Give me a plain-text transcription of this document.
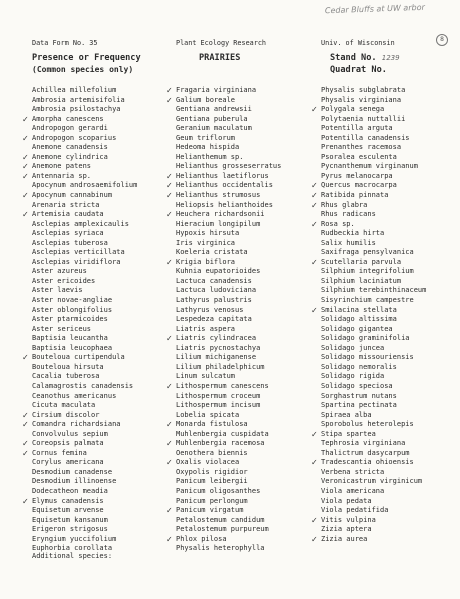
Cedar Bluffs at UW arbor
8
Data Form No. 35	Plant Ecology Research	Univ. of Wisconsin
Presence or Frequency
(Common species only)
PRAIRIES	Stand No. 1239
Quadrat No.
Achillea millefolium
Ambrosia artemisifolia
Ambrosia psilostachya
✓ Amorpha canescens
Andropogon gerardi
✓ Andropogon scoparius
Anemone canadensis
✓ Anemone cylindrica
✓ Anemone patens
✓ Antennaria sp.
Apocynum androsaemifolium
✓ Apocynum cannabinum
Arenaria stricta
✓ Artemisia caudata
Asclepias amplexicaulis
Asclepias syriaca
Asclepias tuberosa
Asclepias verticillata
Asclepias viridiflora
Aster azureus
Aster ericoides
Aster laevis
Aster novae-angliae
Aster oblongifolius
Aster ptarmicoides
Aster sericeus
Baptisia leucantha
Baptisia leucophaea
✓ Bouteloua curtipendula
Bouteloua hirsuta
Cacalia tuberosa
Calamagrostis canadensis
Ceanothus americanus
Cicuta maculata
✓ Cirsium discolor
✓ Comandra richardsiana
Convolvulus sepium
✓ Coreopsis palmata
✓ Cornus femina
Corylus americana
Desmodium canadense
Desmodium illinoense
Dodecatheon meadia
✓ Elymus canadensis
Equisetum arvense
Equisetum kansanum
Erigeron strigosus
Eryngium yuccifolium
Euphorbia corollata
✓ Fragaria virginiana
✓ Galium boreale
Gentiana andrewsii
Gentiana puberula
Geranium maculatum
Geum triflorum
Hedeoma hispida
Helianthemum sp.
Helianthus grosseserratus
✓ Helianthus laetiflorus
✓ Helianthus occidentalis
✓ Helianthus strumosus
Heliopsis helianthoides
✓ Heuchera richardsonii
Hieracium longipilum
Hypoxis hirsuta
Iris virginica
Koeleria cristata
✓ Krigia biflora
Kuhnia eupatorioides
Lactuca canadensis
Lactuca ludoviciana
Lathyrus palustris
Lathyrus venosus
Lespedeza capitata
Liatris aspera
✓ Liatris cylindracea
Liatris pycnostachya
Lilium michiganense
Lilium philadelphicum
Linum sulcatum
✓ Lithospermum canescens
Lithospermum croceum
Lithospermum incisum
Lobelia spicata
✓ Monarda fistulosa
Muhlenbergia cuspidata
✓ Muhlenbergia racemosa
Oenothera biennis
✓ Oxalis violacea
Oxypolis rigidior
Panicum leibergii
Panicum oligosanthes
Panicum perlongum
✓ Panicum virgatum
Petalostemum candidum
Petalostemum purpureum
✓ Phlox pilosa
Physalis heterophylla
Physalis subglabrata
Physalis virginiana
✓ Polygala senega
Polytaenia nuttallii
Potentilla arguta
Potentilla canadensis
Prenanthes racemosa
Psoralea esculenta
Pycnanthemum virginanum
Pyrus melanocarpa
✓ Quercus macrocarpa
✓ Ratibida pinnata
✓ Rhus glabra
Rhus radicans
✓ Rosa sp.
Rudbeckia hirta
Salix humilis
Saxifraga pensylvanica
✓ Scutellaria parvula
Silphium integrifolium
Silphium laciniatum
Silphium terebinthinaceum
Sisyrinchium campestre
✓ Smilacina stellata
Solidago altissima
Solidago gigantea
Solidago graminifolia
Solidago juncea
Solidago missouriensis
Solidago nemoralis
Solidago rigida
Solidago speciosa
Sorghastrum nutans
Spartina pectinata
Spiraea alba
Sporobolus heterolepis
✓ Stipa spartea
Tephrosia virginiana
Thalictrum dasycarpum
✓ Tradescantia ohioensis
Verbena stricta
Veronicastrum virginicum
Viola americana
Viola pedata
Viola pedatifida
✓ Vitis vulpina
Zizia aptera
✓ Zizia aurea
Additional species:
